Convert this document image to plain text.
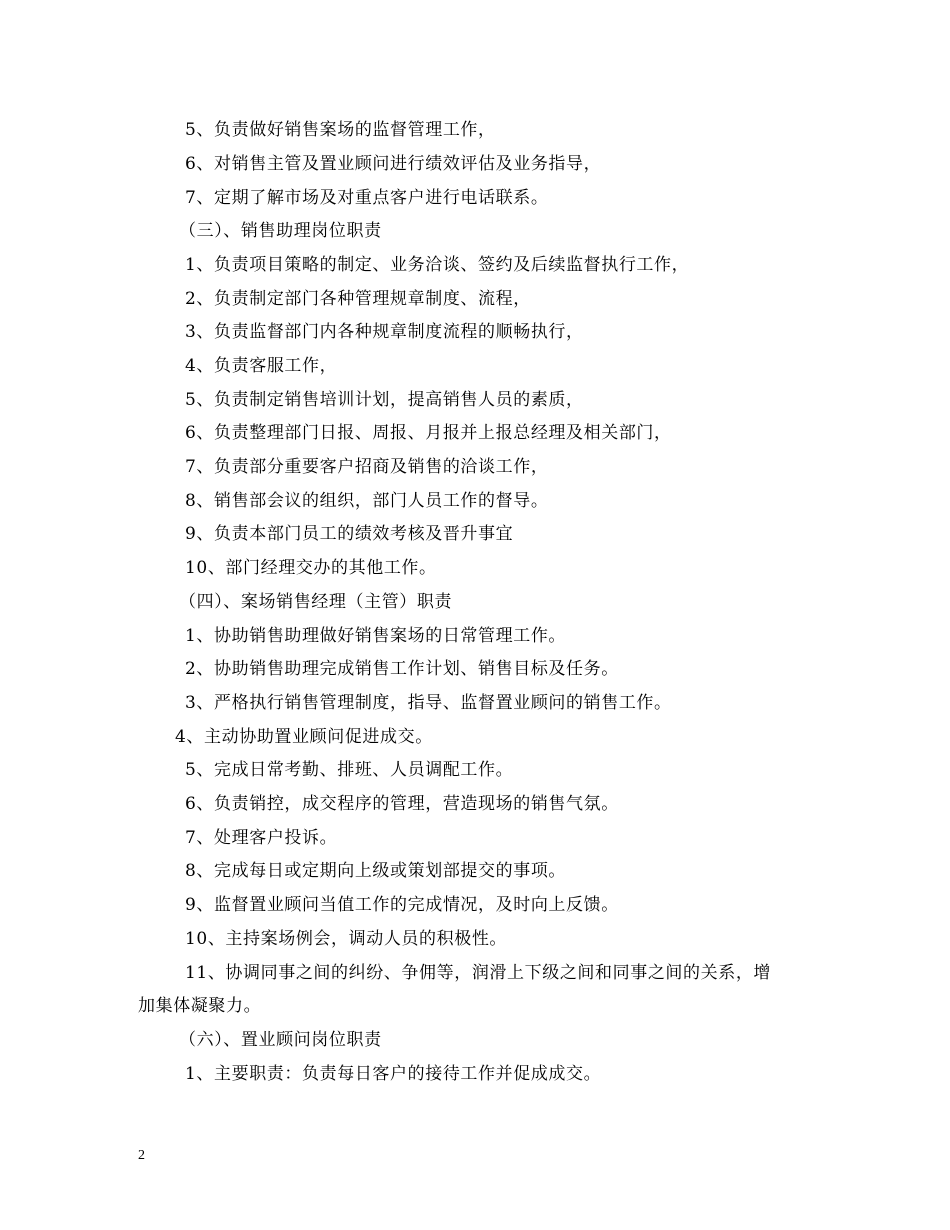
5、负责做好销售案场的监督管理工作，
6、对销售主管及置业顾问进行绩效评估及业务指导，
7、定期了解市场及对重点客户进行电话联系。
（三）、销售助理岗位职责
1、负责项目策略的制定、业务洽谈、签约及后续监督执行工作，
2、负责制定部门各种管理规章制度、流程，
3、负责监督部门内各种规章制度流程的顺畅执行，
4、负责客服工作，
5、负责制定销售培训计划，提高销售人员的素质，
6、负责整理部门日报、周报、月报并上报总经理及相关部门，
7、负责部分重要客户招商及销售的洽谈工作，
8、销售部会议的组织，部门人员工作的督导。
9、负责本部门员工的绩效考核及晋升事宜
10、部门经理交办的其他工作。
（四）、案场销售经理（主管）职责
1、协助销售助理做好销售案场的日常管理工作。
2、协助销售助理完成销售工作计划、销售目标及任务。
3、严格执行销售管理制度，指导、监督置业顾问的销售工作。
4、主动协助置业顾问促进成交。
5、完成日常考勤、排班、人员调配工作。
6、负责销控，成交程序的管理，营造现场的销售气氛。
7、处理客户投诉。
8、完成每日或定期向上级或策划部提交的事项。
9、监督置业顾问当值工作的完成情况，及时向上反馈。
10、主持案场例会，调动人员的积极性。
11、协调同事之间的纠纷、争佣等，润滑上下级之间和同事之间的关系，增
加集体凝聚力。
（六）、置业顾问岗位职责
1、主要职责：负责每日客户的接待工作并促成成交。
2
